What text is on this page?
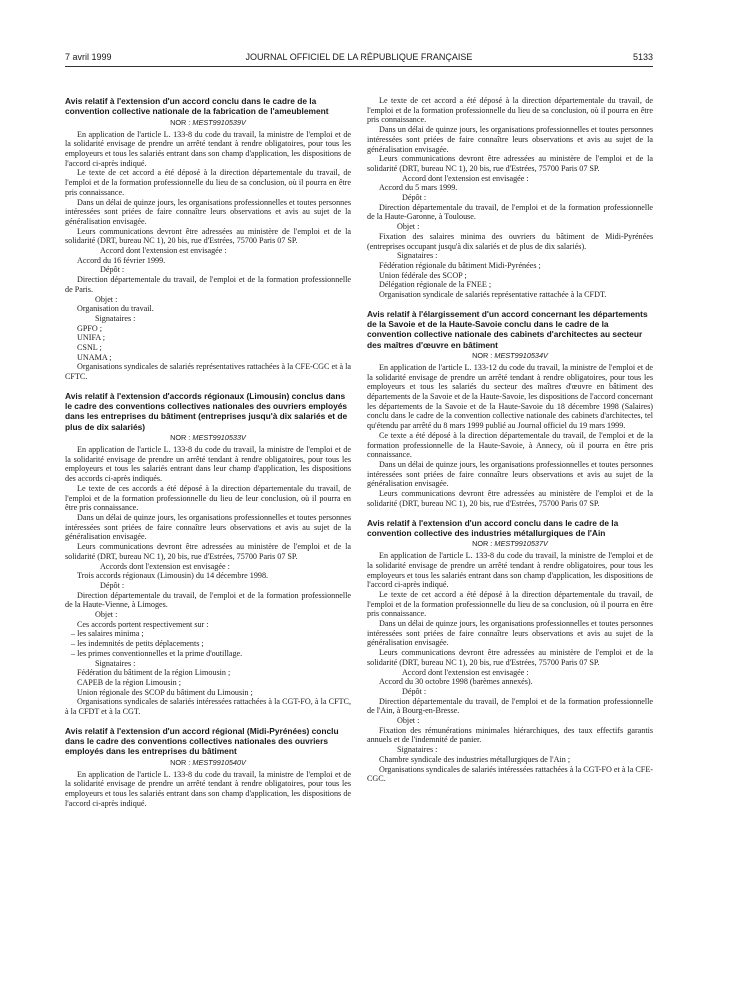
7 avril 1999	JOURNAL OFFICIEL DE LA RÉPUBLIQUE FRANÇAISE	5133

Avis relatif à l'extension d'un accord conclu dans le cadre de la convention collective nationale de la fabrication de l'ameublement

NOR : MEST9910539V

En application de l'article L. 133-8 du code du travail, la ministre de l'emploi et de la solidarité envisage de prendre un arrêté tendant à rendre obligatoires, pour tous les employeurs et tous les salariés entrant dans son champ d'application, les dispositions de l'accord ci-après indiqué.

Le texte de cet accord a été déposé à la direction départementale du travail, de l'emploi et de la formation professionnelle du lieu de sa conclusion, où il pourra en être pris connaissance.

Dans un délai de quinze jours, les organisations professionnelles et toutes personnes intéressées sont priées de faire connaître leurs observations et avis au sujet de la généralisation envisagée.

Leurs communications devront être adressées au ministère de l'emploi et de la solidarité (DRT, bureau NC 1), 20 bis, rue d'Estrées, 75700 Paris 07 SP.

Accord dont l'extension est envisagée :

Accord du 16 février 1999.

Dépôt :

Direction départementale du travail, de l'emploi et de la formation professionnelle de Paris.

Objet :

Organisation du travail.

Signataires :

GPFO ;

UNIFA ;

CSNL ;

UNAMA ;

Organisations syndicales de salariés représentatives rattachées à la CFE-CGC et à la CFTC.

Avis relatif à l'extension d'accords régionaux (Limousin) conclus dans le cadre des conventions collectives nationales des ouvriers employés dans les entreprises du bâtiment (entreprises jusqu'à dix salariés et de plus de dix salariés)

NOR : MEST9910533V

En application de l'article L. 133-8 du code du travail, la ministre de l'emploi et de la solidarité envisage de prendre un arrêté tendant à rendre obligatoires, pour tous les employeurs et tous les salariés entrant dans leur champ d'application, les dispositions des accords ci-après indiqués.

Le texte de ces accords a été déposé à la direction départementale du travail, de l'emploi et de la formation professionnelle du lieu de leur conclusion, où il pourra en être pris connaissance.

Dans un délai de quinze jours, les organisations professionnelles et toutes personnes intéressées sont priées de faire connaître leurs observations et avis au sujet de la généralisation envisagée.

Leurs communications devront être adressées au ministère de l'emploi et de la solidarité (DRT, bureau NC 1), 20 bis, rue d'Estrées, 75700 Paris 07 SP.

Accords dont l'extension est envisagée :

Trois accords régionaux (Limousin) du 14 décembre 1998.

Dépôt :

Direction départementale du travail, de l'emploi et de la formation professionnelle de la Haute-Vienne, à Limoges.

Objet :

Ces accords portent respectivement sur :

– les salaires minima ;

– les indemnités de petits déplacements ;

– les primes conventionnelles et la prime d'outillage.

Signataires :

Fédération du bâtiment de la région Limousin ;

CAPEB de la région Limousin ;

Union régionale des SCOP du bâtiment du Limousin ;

Organisations syndicales de salariés intéressées rattachées à la CGT-FO, à la CFTC, à la CFDT et à la CGT.

Avis relatif à l'extension d'un accord régional (Midi-Pyrénées) conclu dans le cadre des conventions collectives nationales des ouvriers employés dans les entreprises du bâtiment

NOR : MEST9910540V

En application de l'article L. 133-8 du code du travail, la ministre de l'emploi et de la solidarité envisage de prendre un arrêté tendant à rendre obligatoires, pour tous les employeurs et tous les salariés entrant dans son champ d'application, les dispositions de l'accord ci-après indiqué.

Le texte de cet accord a été déposé à la direction départementale du travail, de l'emploi et de la formation professionnelle du lieu de sa conclusion, où il pourra en être pris connaissance.

Dans un délai de quinze jours, les organisations professionnelles et toutes personnes intéressées sont priées de faire connaître leurs observations et avis au sujet de la généralisation envisagée.

Leurs communications devront être adressées au ministère de l'emploi et de la solidarité (DRT, bureau NC 1), 20 bis, rue d'Estrées, 75700 Paris 07 SP.

Accord dont l'extension est envisagée :

Accord du 5 mars 1999.

Dépôt :

Direction départementale du travail, de l'emploi et de la formation professionnelle de la Haute-Garonne, à Toulouse.

Objet :

Fixation des salaires minima des ouvriers du bâtiment de Midi-Pyrénées (entreprises occupant jusqu'à dix salariés et de plus de dix salariés).

Signataires :

Fédération régionale du bâtiment Midi-Pyrénées ;

Union fédérale des SCOP ;

Délégation régionale de la FNEE ;

Organisation syndicale de salariés représentative rattachée à la CFDT.

Avis relatif à l'élargissement d'un accord concernant les départements de la Savoie et de la Haute-Savoie conclu dans le cadre de la convention collective nationale des cabinets d'architectes au secteur des maîtres d'œuvre en bâtiment

NOR : MEST9910534V

En application de l'article L. 133-12 du code du travail, la ministre de l'emploi et de la solidarité envisage de prendre un arrêté tendant à rendre obligatoires, pour tous les employeurs et tous les salariés du secteur des maîtres d'œuvre en bâtiment des départements de la Savoie et de la Haute-Savoie, les dispositions de l'accord concernant les départements de la Savoie et de la Haute-Savoie du 18 décembre 1998 (Salaires) conclu dans le cadre de la convention collective nationale des cabinets d'architectes, tel qu'étendu par arrêté du 8 mars 1999 publié au Journal officiel du 19 mars 1999.

Ce texte a été déposé à la direction départementale du travail, de l'emploi et de la formation professionnelle de la Haute-Savoie, à Annecy, où il pourra en être pris connaissance.

Dans un délai de quinze jours, les organisations professionnelles et toutes personnes intéressées sont priées de faire connaître leurs observations et avis au sujet de la généralisation envisagée.

Leurs communications devront être adressées au ministère de l'emploi et de la solidarité (DRT, bureau NC 1), 20 bis, rue d'Estrées, 75700 Paris 07 SP.

Avis relatif à l'extension d'un accord conclu dans le cadre de la convention collective des industries métallurgiques de l'Ain

NOR : MEST9910537V

En application de l'article L. 133-8 du code du travail, la ministre de l'emploi et de la solidarité envisage de prendre un arrêté tendant à rendre obligatoires, pour tous les employeurs et tous les salariés entrant dans son champ d'application, les dispositions de l'accord ci-après indiqué.

Le texte de cet accord a été déposé à la direction départementale du travail, de l'emploi et de la formation professionnelle du lieu de sa conclusion, où il pourra en être pris connaissance.

Dans un délai de quinze jours, les organisations professionnelles et toutes personnes intéressées sont priées de faire connaître leurs observations et avis au sujet de la généralisation envisagée.

Leurs communications devront être adressées au ministère de l'emploi et de la solidarité (DRT, bureau NC 1), 20 bis, rue d'Estrées, 75700 Paris 07 SP.

Accord dont l'extension est envisagée :

Accord du 30 octobre 1998 (barèmes annexés).

Dépôt :

Direction départementale du travail, de l'emploi et de la formation professionnelle de l'Ain, à Bourg-en-Bresse.

Objet :

Fixation des rémunérations minimales hiérarchiques, des taux effectifs garantis annuels et de l'indemnité de panier.

Signataires :

Chambre syndicale des industries métallurgiques de l'Ain ;

Organisations syndicales de salariés intéressées rattachées à la CGT-FO et à la CFE-CGC.
